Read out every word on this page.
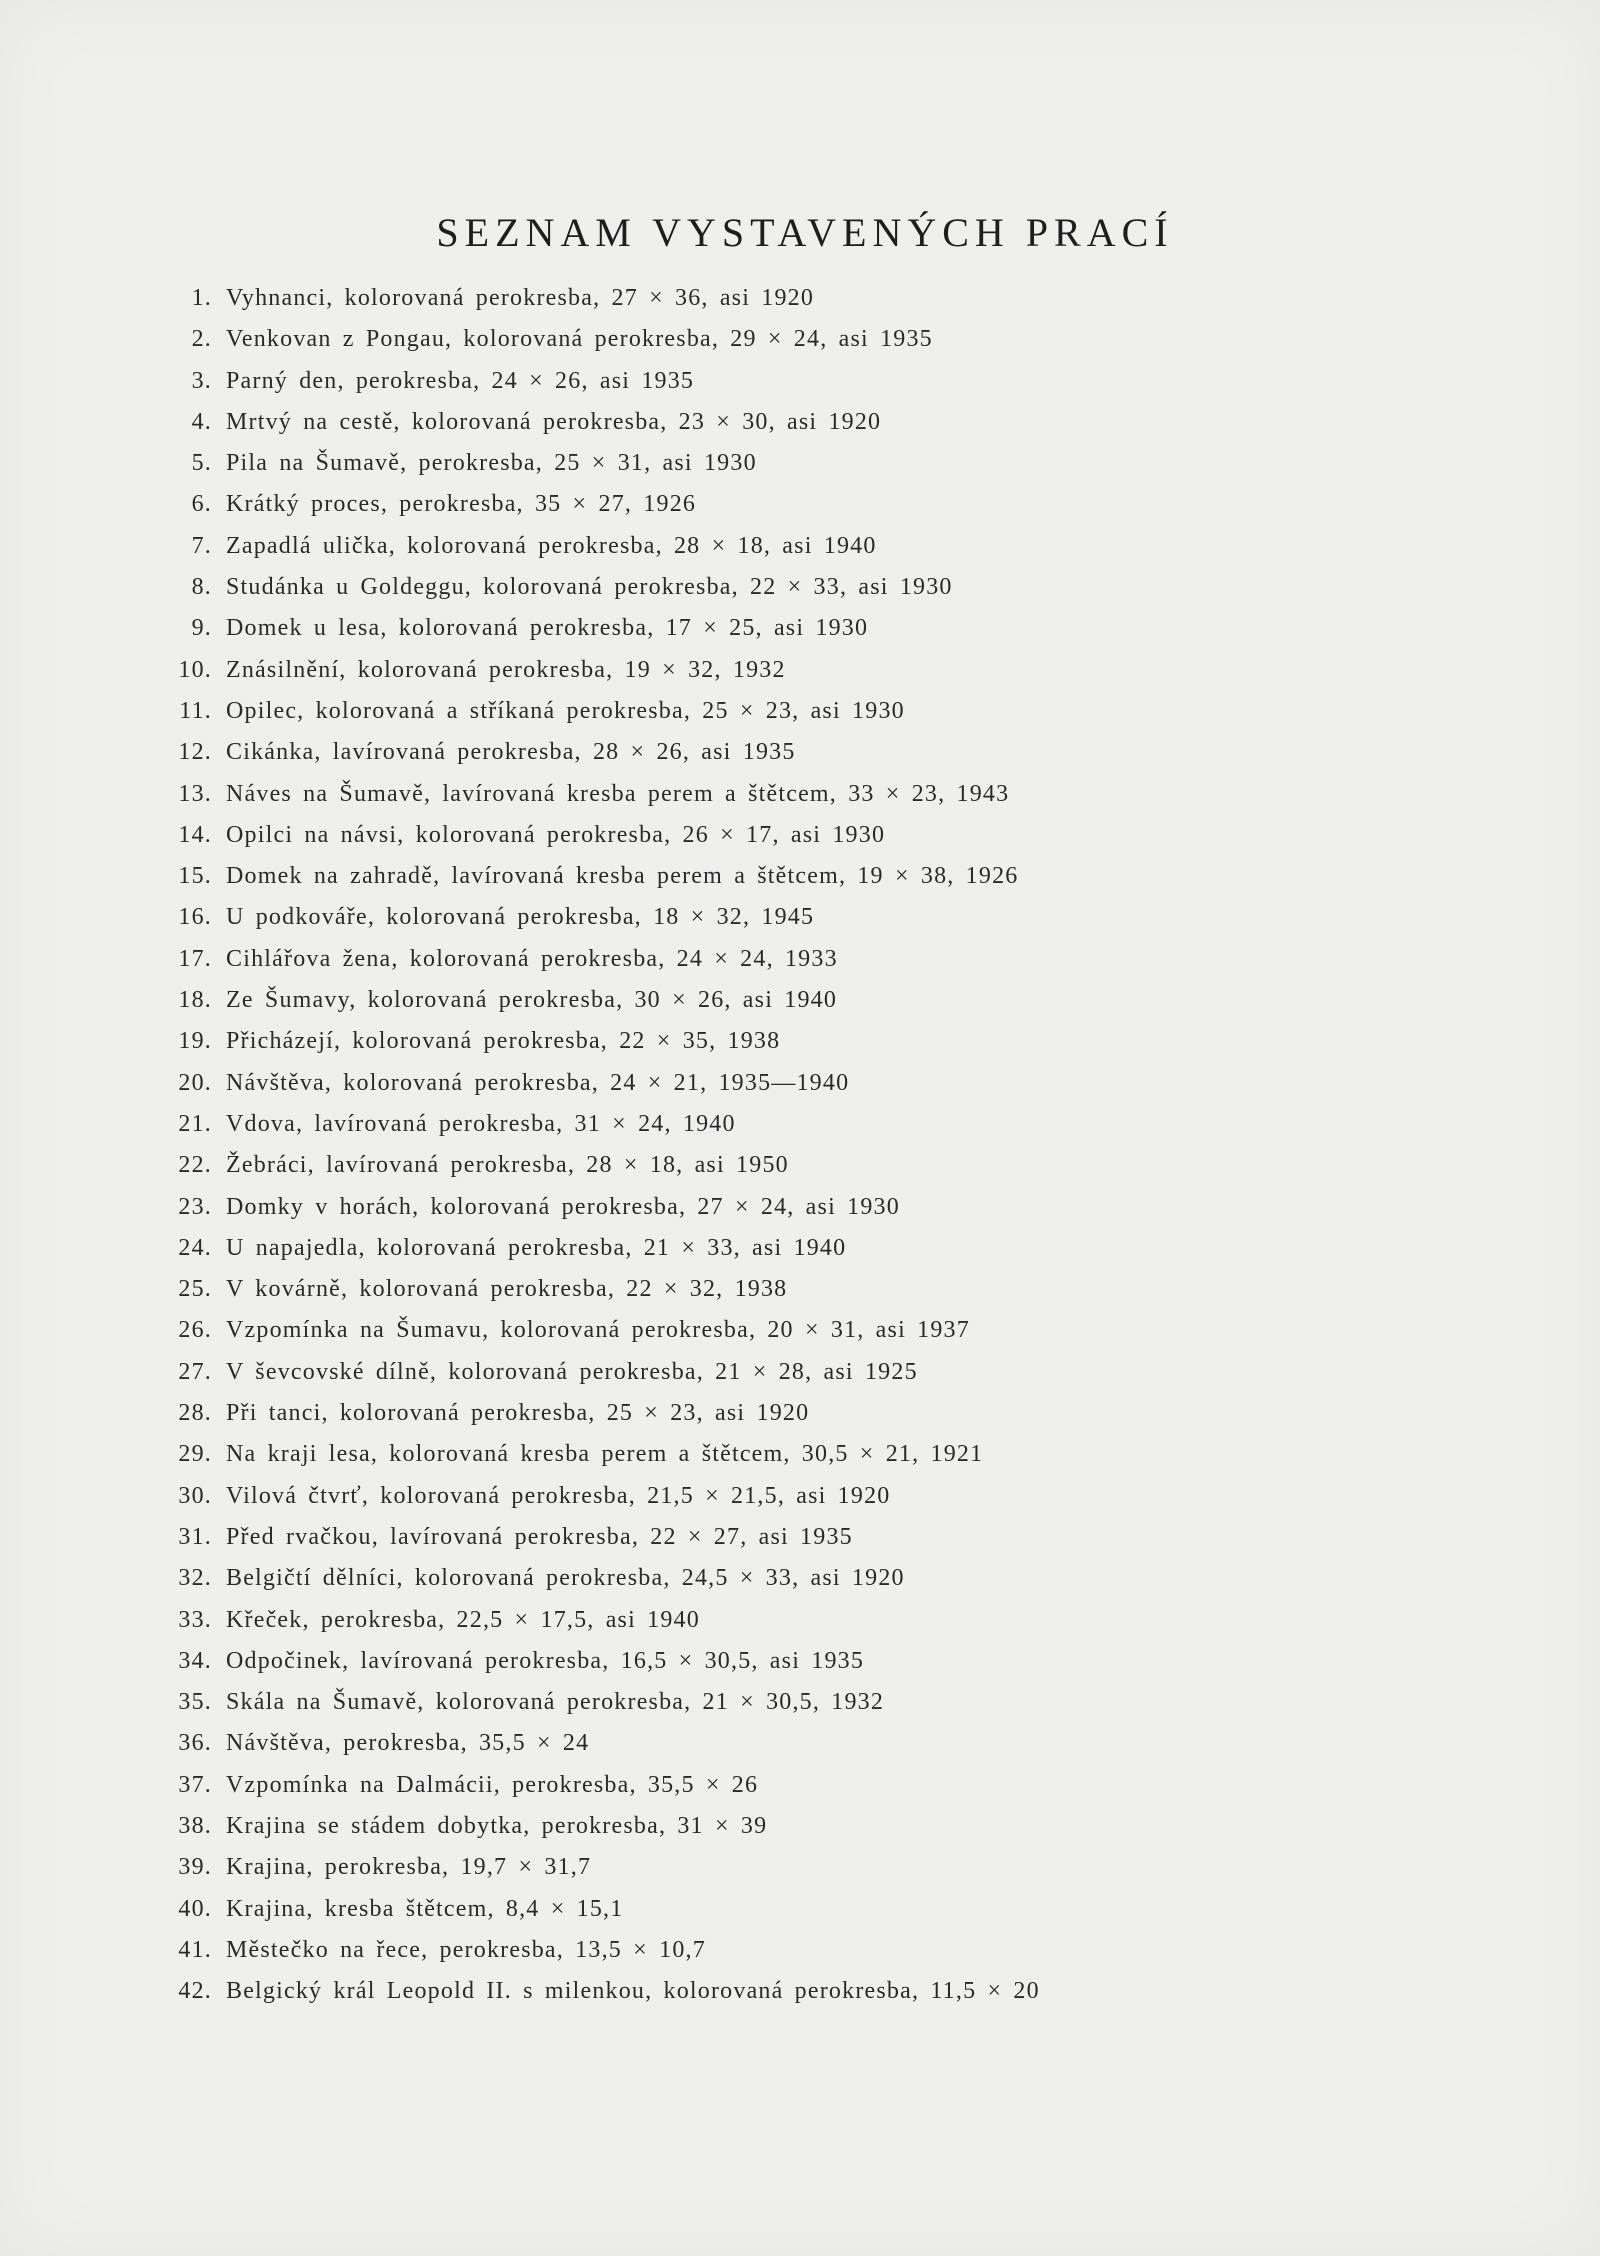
SEZNAM VYSTAVENÝCH PRACÍ
1. Vyhnanci, kolorovaná perokresba, 27 × 36, asi 1920
2. Venkovan z Pongau, kolorovaná perokresba, 29 × 24, asi 1935
3. Parný den, perokresba, 24 × 26, asi 1935
4. Mrtvý na cestě, kolorovaná perokresba, 23 × 30, asi 1920
5. Pila na Šumavě, perokresba, 25 × 31, asi 1930
6. Krátký proces, perokresba, 35 × 27, 1926
7. Zapadlá ulička, kolorovaná perokresba, 28 × 18, asi 1940
8. Studánka u Goldeggu, kolorovaná perokresba, 22 × 33, asi 1930
9. Domek u lesa, kolorovaná perokresba, 17 × 25, asi 1930
10. Znásilnění, kolorovaná perokresba, 19 × 32, 1932
11. Opilec, kolorovaná a stříkaná perokresba, 25 × 23, asi 1930
12. Cikánka, lavírovaná perokresba, 28 × 26, asi 1935
13. Náves na Šumavě, lavírovaná kresba perem a štětcem, 33 × 23, 1943
14. Opilci na návsi, kolorovaná perokresba, 26 × 17, asi 1930
15. Domek na zahradě, lavírovaná kresba perem a štětcem, 19 × 38, 1926
16. U podkováře, kolorovaná perokresba, 18 × 32, 1945
17. Cihlářova žena, kolorovaná perokresba, 24 × 24, 1933
18. Ze Šumavy, kolorovaná perokresba, 30 × 26, asi 1940
19. Přicházejí, kolorovaná perokresba, 22 × 35, 1938
20. Návštěva, kolorovaná perokresba, 24 × 21, 1935—1940
21. Vdova, lavírovaná perokresba, 31 × 24, 1940
22. Žebráci, lavírovaná perokresba, 28 × 18, asi 1950
23. Domky v horách, kolorovaná perokresba, 27 × 24, asi 1930
24. U napajedla, kolorovaná perokresba, 21 × 33, asi 1940
25. V kovárně, kolorovaná perokresba, 22 × 32, 1938
26. Vzpomínka na Šumavu, kolorovaná perokresba, 20 × 31, asi 1937
27. V ševcovské dílně, kolorovaná perokresba, 21 × 28, asi 1925
28. Při tanci, kolorovaná perokresba, 25 × 23, asi 1920
29. Na kraji lesa, kolorovaná kresba perem a štětcem, 30,5 × 21, 1921
30. Vilová čtvrť, kolorovaná perokresba, 21,5 × 21,5, asi 1920
31. Před rvačkou, lavírovaná perokresba, 22 × 27, asi 1935
32. Belgičtí dělníci, kolorovaná perokresba, 24,5 × 33, asi 1920
33. Křeček, perokresba, 22,5 × 17,5, asi 1940
34. Odpočinek, lavírovaná perokresba, 16,5 × 30,5, asi 1935
35. Skála na Šumavě, kolorovaná perokresba, 21 × 30,5, 1932
36. Návštěva, perokresba, 35,5 × 24
37. Vzpomínka na Dalmácii, perokresba, 35,5 × 26
38. Krajina se stádem dobytka, perokresba, 31 × 39
39. Krajina, perokresba, 19,7 × 31,7
40. Krajina, kresba štětcem, 8,4 × 15,1
41. Městečko na řece, perokresba, 13,5 × 10,7
42. Belgický král Leopold II. s milenkou, kolorovaná perokresba, 11,5 × 20
